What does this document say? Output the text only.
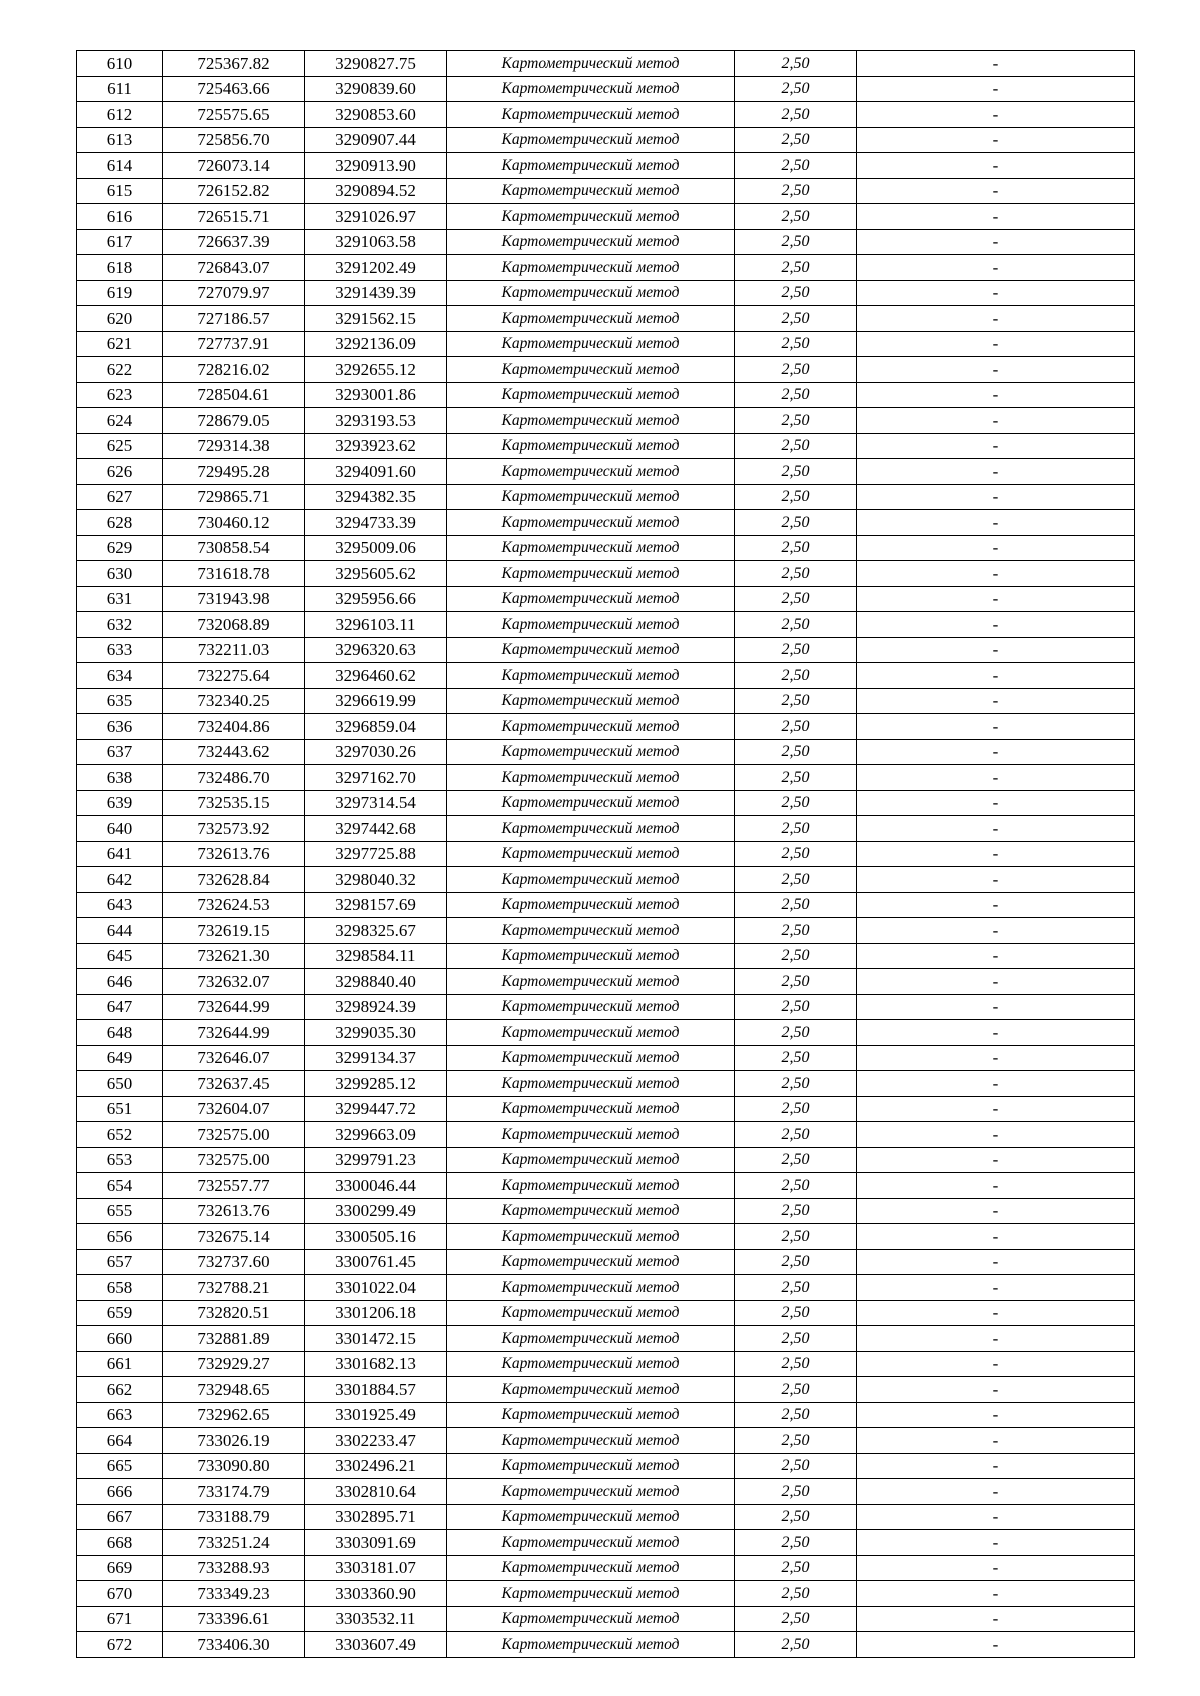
610	725367.82	3290827.75	Картометрический метод	2,50	-
611	725463.66	3290839.60	Картометрический метод	2,50	-
612	725575.65	3290853.60	Картометрический метод	2,50	-
613	725856.70	3290907.44	Картометрический метод	2,50	-
614	726073.14	3290913.90	Картометрический метод	2,50	-
615	726152.82	3290894.52	Картометрический метод	2,50	-
616	726515.71	3291026.97	Картометрический метод	2,50	-
617	726637.39	3291063.58	Картометрический метод	2,50	-
618	726843.07	3291202.49	Картометрический метод	2,50	-
619	727079.97	3291439.39	Картометрический метод	2,50	-
620	727186.57	3291562.15	Картометрический метод	2,50	-
621	727737.91	3292136.09	Картометрический метод	2,50	-
622	728216.02	3292655.12	Картометрический метод	2,50	-
623	728504.61	3293001.86	Картометрический метод	2,50	-
624	728679.05	3293193.53	Картометрический метод	2,50	-
625	729314.38	3293923.62	Картометрический метод	2,50	-
626	729495.28	3294091.60	Картометрический метод	2,50	-
627	729865.71	3294382.35	Картометрический метод	2,50	-
628	730460.12	3294733.39	Картометрический метод	2,50	-
629	730858.54	3295009.06	Картометрический метод	2,50	-
630	731618.78	3295605.62	Картометрический метод	2,50	-
631	731943.98	3295956.66	Картометрический метод	2,50	-
632	732068.89	3296103.11	Картометрический метод	2,50	-
633	732211.03	3296320.63	Картометрический метод	2,50	-
634	732275.64	3296460.62	Картометрический метод	2,50	-
635	732340.25	3296619.99	Картометрический метод	2,50	-
636	732404.86	3296859.04	Картометрический метод	2,50	-
637	732443.62	3297030.26	Картометрический метод	2,50	-
638	732486.70	3297162.70	Картометрический метод	2,50	-
639	732535.15	3297314.54	Картометрический метод	2,50	-
640	732573.92	3297442.68	Картометрический метод	2,50	-
641	732613.76	3297725.88	Картометрический метод	2,50	-
642	732628.84	3298040.32	Картометрический метод	2,50	-
643	732624.53	3298157.69	Картометрический метод	2,50	-
644	732619.15	3298325.67	Картометрический метод	2,50	-
645	732621.30	3298584.11	Картометрический метод	2,50	-
646	732632.07	3298840.40	Картометрический метод	2,50	-
647	732644.99	3298924.39	Картометрический метод	2,50	-
648	732644.99	3299035.30	Картометрический метод	2,50	-
649	732646.07	3299134.37	Картометрический метод	2,50	-
650	732637.45	3299285.12	Картометрический метод	2,50	-
651	732604.07	3299447.72	Картометрический метод	2,50	-
652	732575.00	3299663.09	Картометрический метод	2,50	-
653	732575.00	3299791.23	Картометрический метод	2,50	-
654	732557.77	3300046.44	Картометрический метод	2,50	-
655	732613.76	3300299.49	Картометрический метод	2,50	-
656	732675.14	3300505.16	Картометрический метод	2,50	-
657	732737.60	3300761.45	Картометрический метод	2,50	-
658	732788.21	3301022.04	Картометрический метод	2,50	-
659	732820.51	3301206.18	Картометрический метод	2,50	-
660	732881.89	3301472.15	Картометрический метод	2,50	-
661	732929.27	3301682.13	Картометрический метод	2,50	-
662	732948.65	3301884.57	Картометрический метод	2,50	-
663	732962.65	3301925.49	Картометрический метод	2,50	-
664	733026.19	3302233.47	Картометрический метод	2,50	-
665	733090.80	3302496.21	Картометрический метод	2,50	-
666	733174.79	3302810.64	Картометрический метод	2,50	-
667	733188.79	3302895.71	Картометрический метод	2,50	-
668	733251.24	3303091.69	Картометрический метод	2,50	-
669	733288.93	3303181.07	Картометрический метод	2,50	-
670	733349.23	3303360.90	Картометрический метод	2,50	-
671	733396.61	3303532.11	Картометрический метод	2,50	-
672	733406.30	3303607.49	Картометрический метод	2,50	-
